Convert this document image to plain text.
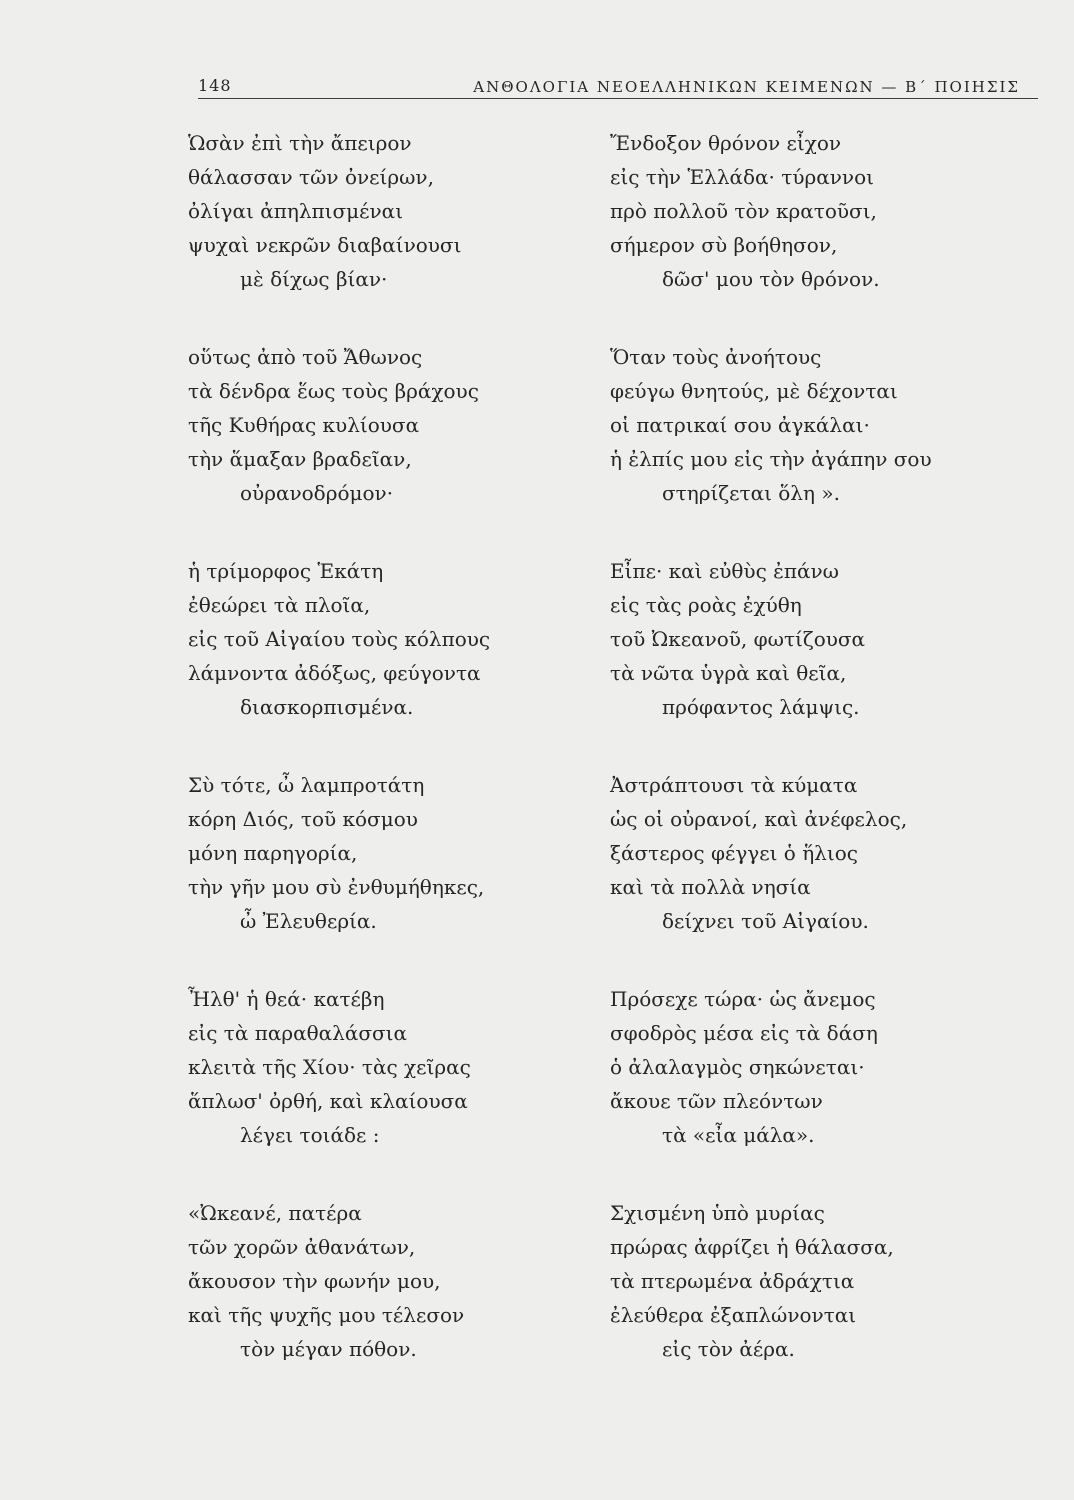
148	ΑΝΘΟΛΟΓΙΑ ΝΕΟΕΛΛΗΝΙΚΩΝ ΚΕΙΜΕΝΩΝ — Β΄ ΠΟΙΗΣΙΣ
Ὡσὰν ἐπὶ τὴν ἄπειρον
θάλασσαν τῶν ὀνείρων,
ὀλίγαι ἀπηλπισμέναι
ψυχαὶ νεκρῶν διαβαίνουσι
μὲ δίχως βίαν·
οὕτως ἀπὸ τοῦ Ἄθωνος
τὰ δένδρα ἕως τοὺς βράχους
τῆς Κυθήρας κυλίουσα
τὴν ἅμαξαν βραδεῖαν,
οὐρανοδρόμον·
ἡ τρίμορφος Ἑκάτη
ἐθεώρει τὰ πλοῖα,
εἰς τοῦ Αἰγαίου τοὺς κόλπους
λάμνοντα ἀδόξως, φεύγοντα
διασκορπισμένα.
Σὺ τότε, ὦ λαμπροτάτη
κόρη Διός, τοῦ κόσμου
μόνη παρηγορία,
τὴν γῆν μου σὺ ἐνθυμήθηκες,
ὦ Ἐλευθερία.
Ἦλθ' ἡ θεά· κατέβη
εἰς τὰ παραθαλάσσια
κλειτὰ τῆς Χίου· τὰς χεῖρας
ἅπλωσ' ὀρθή, καὶ κλαίουσα
λέγει τοιάδε :
«Ὠκεανέ, πατέρα
τῶν χορῶν ἀθανάτων,
ἄκουσον τὴν φωνήν μου,
καὶ τῆς ψυχῆς μου τέλεσον
τὸν μέγαν πόθον.
Ἔνδοξον θρόνον εἶχον
εἰς τὴν Ἑλλάδα· τύραννοι
πρὸ πολλοῦ τὸν κρατοῦσι,
σήμερον σὺ βοήθησον,
δῶσ' μου τὸν θρόνον.
Ὅταν τοὺς ἀνοήτους
φεύγω θνητούς, μὲ δέχονται
οἱ πατρικαί σου ἀγκάλαι·
ἡ ἐλπίς μου εἰς τὴν ἀγάπην σου
στηρίζεται ὅλη ».
Εἶπε· καὶ εὐθὺς ἐπάνω
εἰς τὰς ροὰς ἐχύθη
τοῦ Ὠκεανοῦ, φωτίζουσα
τὰ νῶτα ὑγρὰ καὶ θεῖα,
πρόφαντος λάμψις.
Ἀστράπτουσι τὰ κύματα
ὡς οἱ οὐρανοί, καὶ ἀνέφελος,
ξάστερος φέγγει ὁ ἥλιος
καὶ τὰ πολλὰ νησία
δείχνει τοῦ Αἰγαίου.
Πρόσεχε τώρα· ὡς ἄνεμος
σφοδρὸς μέσα εἰς τὰ δάση
ὁ ἀλαλαγμὸς σηκώνεται·
ἄκουε τῶν πλεόντων
τὰ «εἶα μάλα».
Σχισμένη ὑπὸ μυρίας
πρώρας ἀφρίζει ἡ θάλασσα,
τὰ πτερωμένα ἀδράχτια
ἐλεύθερα ἐξαπλώνονται
εἰς τὸν ἀέρα.
